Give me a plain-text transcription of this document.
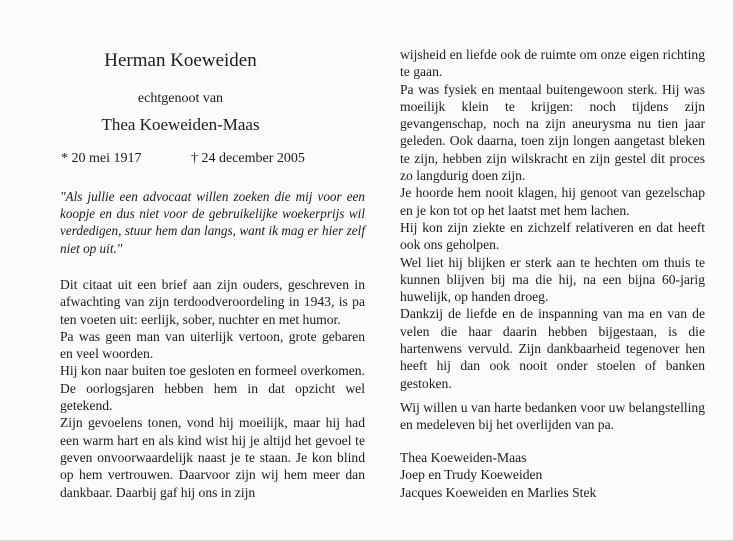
Herman Koeweiden
echtgenoot van
Thea Koeweiden-Maas
* 20 mei 1917	† 24 december 2005
"Als jullie een advocaat willen zoeken die mij voor een koopje en dus niet voor de gebruikelijke woekerprijs wil verdedigen, stuur hem dan langs, want ik mag er hier zelf niet op uit."

Dit citaat uit een brief aan zijn ouders, geschreven in afwachting van zijn terdoodveroordeling in 1943, is pa ten voeten uit: eerlijk, sober, nuchter en met humor.

Pa was geen man van uiterlijk vertoon, grote gebaren en veel woorden.

Hij kon naar buiten toe gesloten en formeel overkomen. De oorlogsjaren hebben hem in dat opzicht wel getekend.

Zijn gevoelens tonen, vond hij moeilijk, maar hij had een warm hart en als kind wist hij je altijd het gevoel te geven onvoorwaardelijk naast je te staan. Je kon blind op hem vertrouwen. Daarvoor zijn wij hem meer dan dankbaar. Daarbij gaf hij ons in zijn

wijsheid en liefde ook de ruimte om onze eigen richting te gaan.

Pa was fysiek en mentaal buitengewoon sterk. Hij was moeilijk klein te krijgen: noch tijdens zijn gevangenschap, noch na zijn aneurysma nu tien jaar geleden. Ook daarna, toen zijn longen aangetast bleken te zijn, hebben zijn wilskracht en zijn gestel dit proces zo langdurig doen zijn.

Je hoorde hem nooit klagen, hij genoot van gezelschap en je kon tot op het laatst met hem lachen.

Hij kon zijn ziekte en zichzelf relativeren en dat heeft ook ons geholpen.

Wel liet hij blijken er sterk aan te hechten om thuis te kunnen blijven bij ma die hij, na een bijna 60-jarig huwelijk, op handen droeg.

Dankzij de liefde en de inspanning van ma en van de velen die haar daarin hebben bijgestaan, is die hartenwens vervuld. Zijn dankbaarheid tegenover hen heeft hij dan ook nooit onder stoelen of banken gestoken.

Wij willen u van harte bedanken voor uw belangstelling en medeleven bij het overlijden van pa.
Thea Koeweiden-Maas
Joep en Trudy Koeweiden
Jacques Koeweiden en Marlies Stek
